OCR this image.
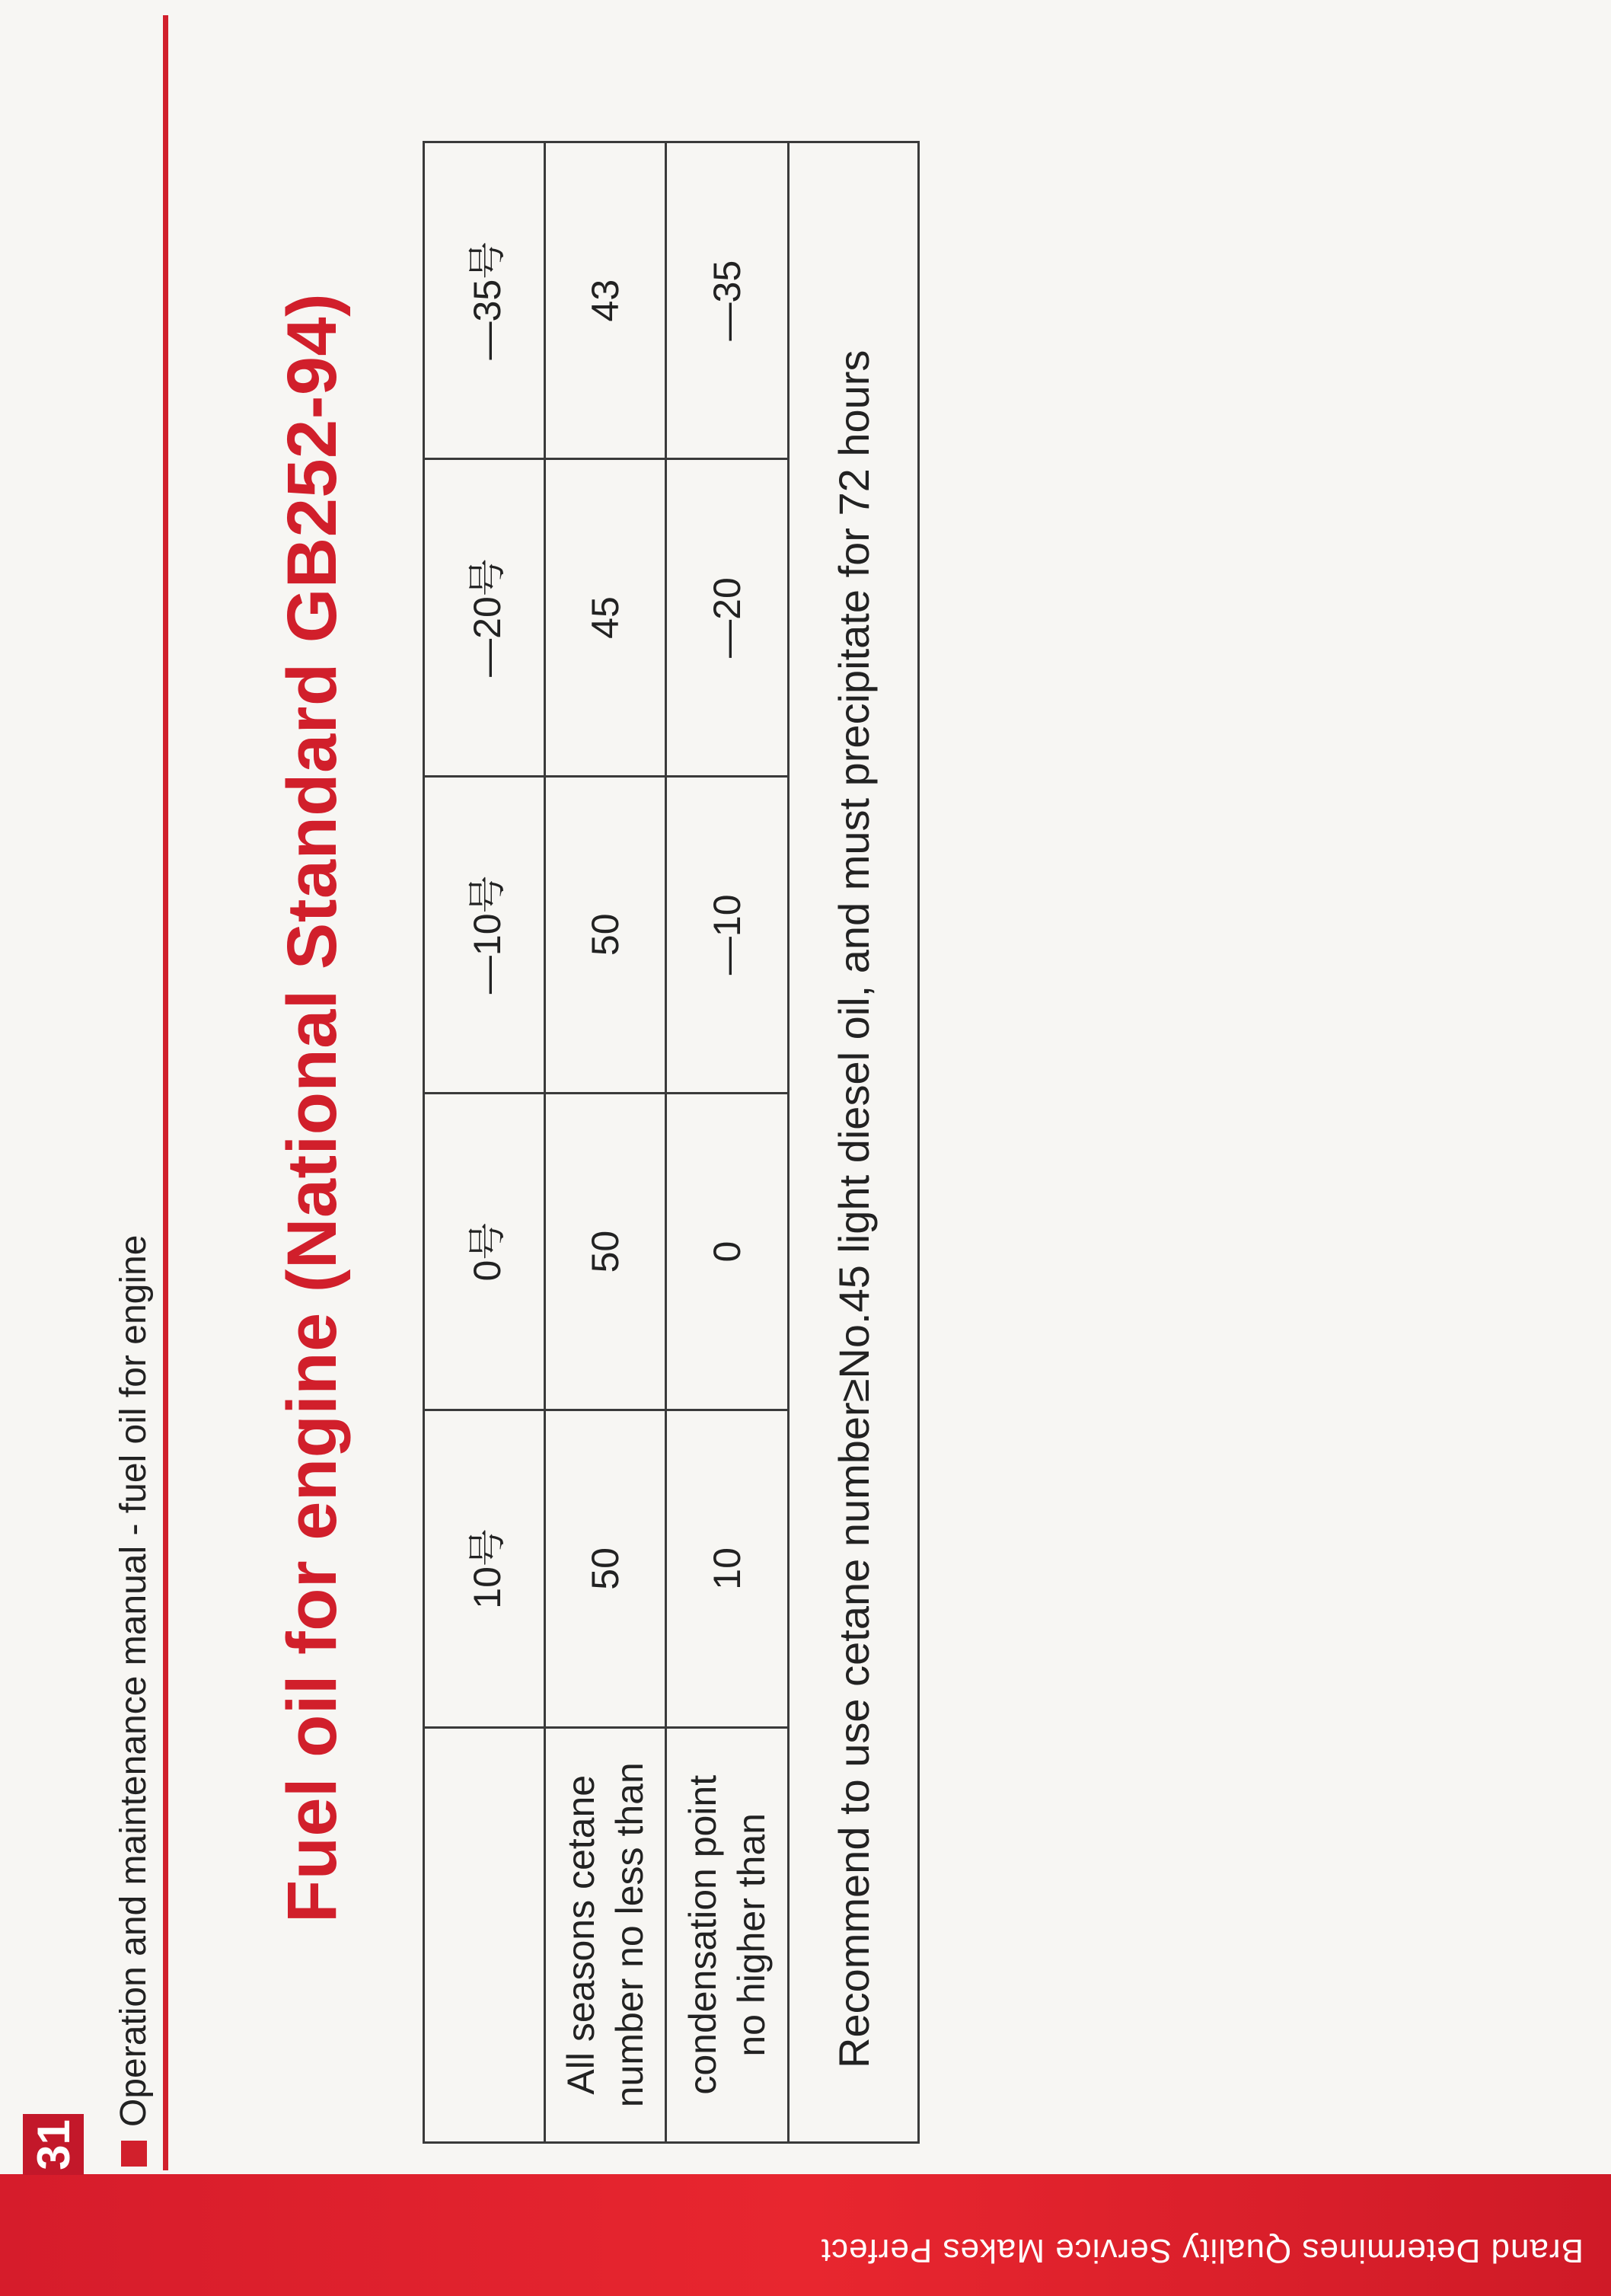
Operation and maintenance manual - fuel oil for engine Fuel oil for engine (National Standard GB252-94)
		10号	0号	—10号	—20号	—35号
All seasons cetane number no less than	50	50	50	45	43
condensation point no higher than	10	0	—10	—20	—35
Recommend to use cetane number≥No.45 light diesel oil, and must precipitate for 72 hours					
31
Brand Determines Quality Service Makes Perfect
